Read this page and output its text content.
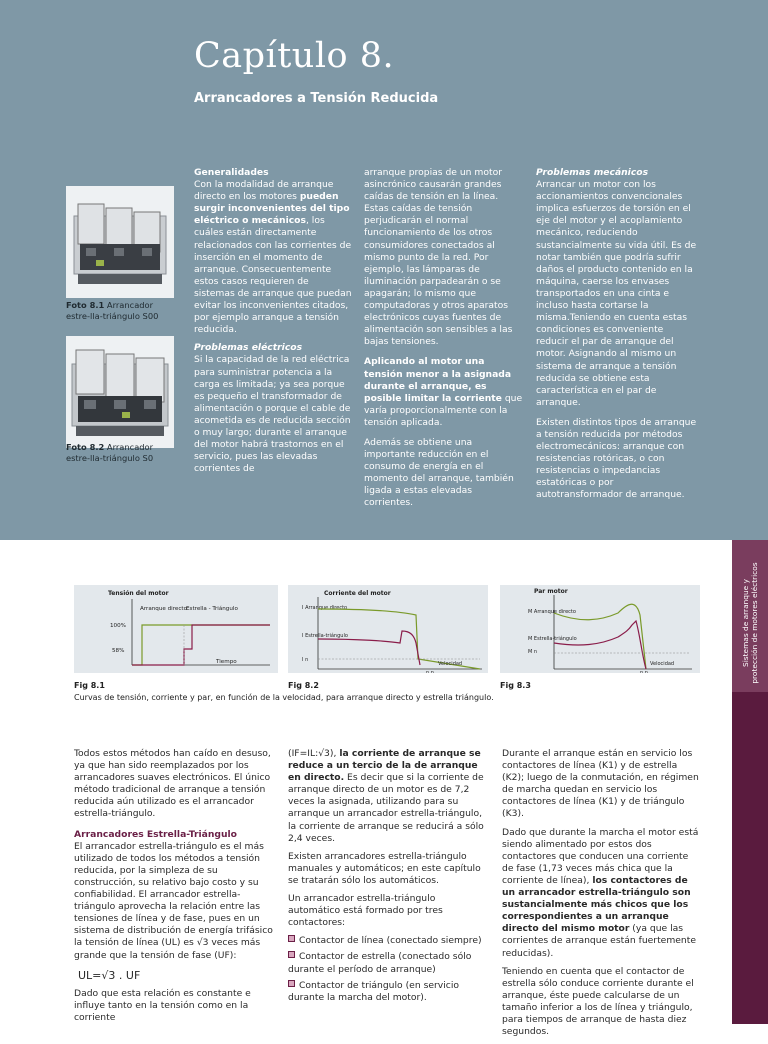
Capítulo 8.
Arrancadores a Tensión Reducida
Foto 8.1 Arrancador estre-lla-triángulo S00
Foto 8.2 Arrancador estre-lla-triángulo S0

Generalidades

Con la modalidad de arranque directo en los motores pueden surgir inconvenientes del tipo eléctrico o mecánicos, los cuáles están directamente relacionados con las corrientes de inserción en el momento de arranque. Consecuentemente estos casos requieren de sistemas de arranque que puedan evitar los inconvenientes citados, por ejemplo arranque a tensión reducida.

Problemas eléctricos

Si la capacidad de la red eléctrica para suministrar potencia a la carga es limitada; ya sea porque es pequeño el transformador de alimentación o porque el cable de acometida es de reducida sección o muy largo; durante el arranque del motor habrá trastornos en el servicio, pues las elevadas corrientes de

arranque propias de un motor asincrónico causarán grandes caídas de tensión en la línea. Estas caídas de tensión perjudicarán el normal funcionamiento de los otros consumidores conectados al mismo punto de la red. Por ejemplo, las lámparas de iluminación parpadearán o se apagarán; lo mismo que computadoras y otros aparatos electrónicos cuyas fuentes de alimentación son sensibles a las bajas tensiones.

Aplicando al motor una tensión menor a la asignada durante el arranque, es posible limitar la corriente que varía proporcionalmente con la tensión aplicada.

Además se obtiene una importante reducción en el consumo de energía en el momento del arranque, también ligada a estas elevadas corrientes.

Problemas mecánicos

Arrancar un motor con los accionamientos convencionales implica esfuerzos de torsión en el eje del motor y el acoplamiento mecánico, reduciendo sustancialmente su vida útil. Es de notar también que podría sufrir daños el producto contenido en la máquina, caerse los envases transportados en una cinta e incluso hasta cortarse la misma.Teniendo en cuenta estas condiciones es conveniente reducir el par de arranque del motor. Asignando al mismo un sistema de arranque a tensión reducida se obtiene esta característica en el par de arranque.

Existen distintos tipos de arranque a tensión reducida por métodos electromecánicos: arranque con resistencias rotóricas, o con resistencias o impedancias estatóricas o por autotransformador de arranque.

Sistemas de arranque y protección de motores eléctricos
Tensión del motor
Arranque directo
Estrella - Triángulo
100%
58%
Tiempo
Fig 8.1
Corriente del motor
I Arranque directo
I Estrella-triángulo
I n
Velocidad
n n
Fig 8.2
Par motor
M Arranque directo
M Estrella-triángulo
M n
Velocidad
n n
Fig 8.3
Curvas de tensión, corriente y par, en función de la velocidad, para arranque directo y estrella triángulo.

Todos estos métodos han caído en desuso, ya que han sido reemplazados por los arrancadores suaves electrónicos. El único método tradicional de arranque a tensión reducida aún utilizado es el arrancador estrella-triángulo.

Arrancadores Estrella-Triángulo

El arrancador estrella-triángulo es el más utilizado de todos los métodos a tensión reducida, por la simpleza de su construcción, su relativo bajo costo y su confiabilidad. El arrancador estrella-triángulo aprovecha la relación entre las tensiones de línea y de fase, pues en un sistema de distribución de energía trifásico la tensión de línea (UL) es √3 veces más grande que la tensión de fase (UF):

UL=√3 . UF

Dado que esta relación es constante e influye tanto en la tensión como en la corriente

(IF=IL:√3), la corriente de arranque se reduce a un tercio de la de arranque en directo. Es decir que si la corriente de arranque directo de un motor es de 7,2 veces la asignada, utilizando para su arranque un arrancador estrella-triángulo, la corriente de arranque se reducirá a sólo 2,4 veces.

Existen arrancadores estrella-triángulo manuales y automáticos; en este capítulo se tratarán sólo los automáticos.

Un arrancador estrella-triángulo automático está formado por tres contactores:

Contactor de línea (conectado siempre)
Contactor de estrella (conectado sólo durante el período de arranque)
Contactor de triángulo (en servicio durante la marcha del motor).

Durante el arranque están en servicio los contactores de línea (K1) y de estrella (K2); luego de la conmutación, en régimen de marcha quedan en servicio los contactores de línea (K1) y de triángulo (K3).

Dado que durante la marcha el motor está siendo alimentado por estos dos contactores que conducen una corriente de fase (1,73 veces más chica que la corriente de línea), los contactores de un arrancador estrella-triángulo son sustancialmente más chicos que los correspondientes a un arranque directo del mismo motor (ya que las corrientes de arranque están fuertemente reducidas).

Teniendo en cuenta que el contactor de estrella sólo conduce corriente durante el arranque, éste puede calcularse de un tamaño inferior a los de línea y triángulo, para tiempos de arranque de hasta diez segundos.
